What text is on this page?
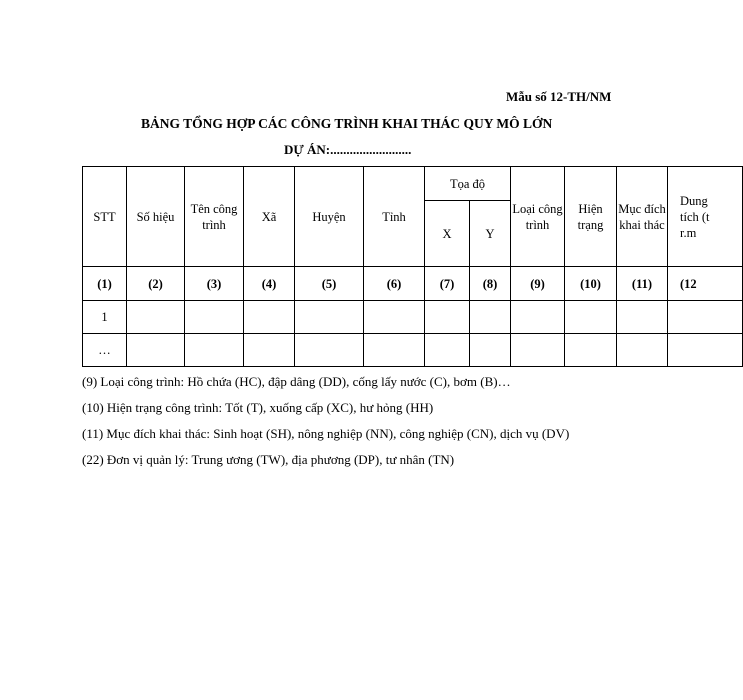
Mẫu số 12-TH/NM
BẢNG TỔNG HỢP CÁC CÔNG TRÌNH KHAI THÁC QUY MÔ LỚN
DỰ ÁN:.........................
STT	Số hiệu	Tên công trình	Xã	Huyện	Tỉnh	Tọa độ		Loại công trình	Hiện trạng	Mục đích khai thác	Dung tích (tr.m

						X	Y				
(1)	(2)	(3)	(4)	(5)	(6)	(7)	(8)	(9)	(10)	(11)	(12
1											
…											
(9) Loại công trình: Hồ chứa (HC), đập dâng (DD), cống lấy nước (C), bơm (B)…
(10) Hiện trạng công trình: Tốt (T), xuống cấp (XC), hư hỏng (HH)
(11) Mục đích khai thác: Sinh hoạt (SH), nông nghiệp (NN), công nghiệp (CN), dịch vụ (DV)
(22) Đơn vị quản lý: Trung ương (TW), địa phương (DP), tư nhân (TN)
